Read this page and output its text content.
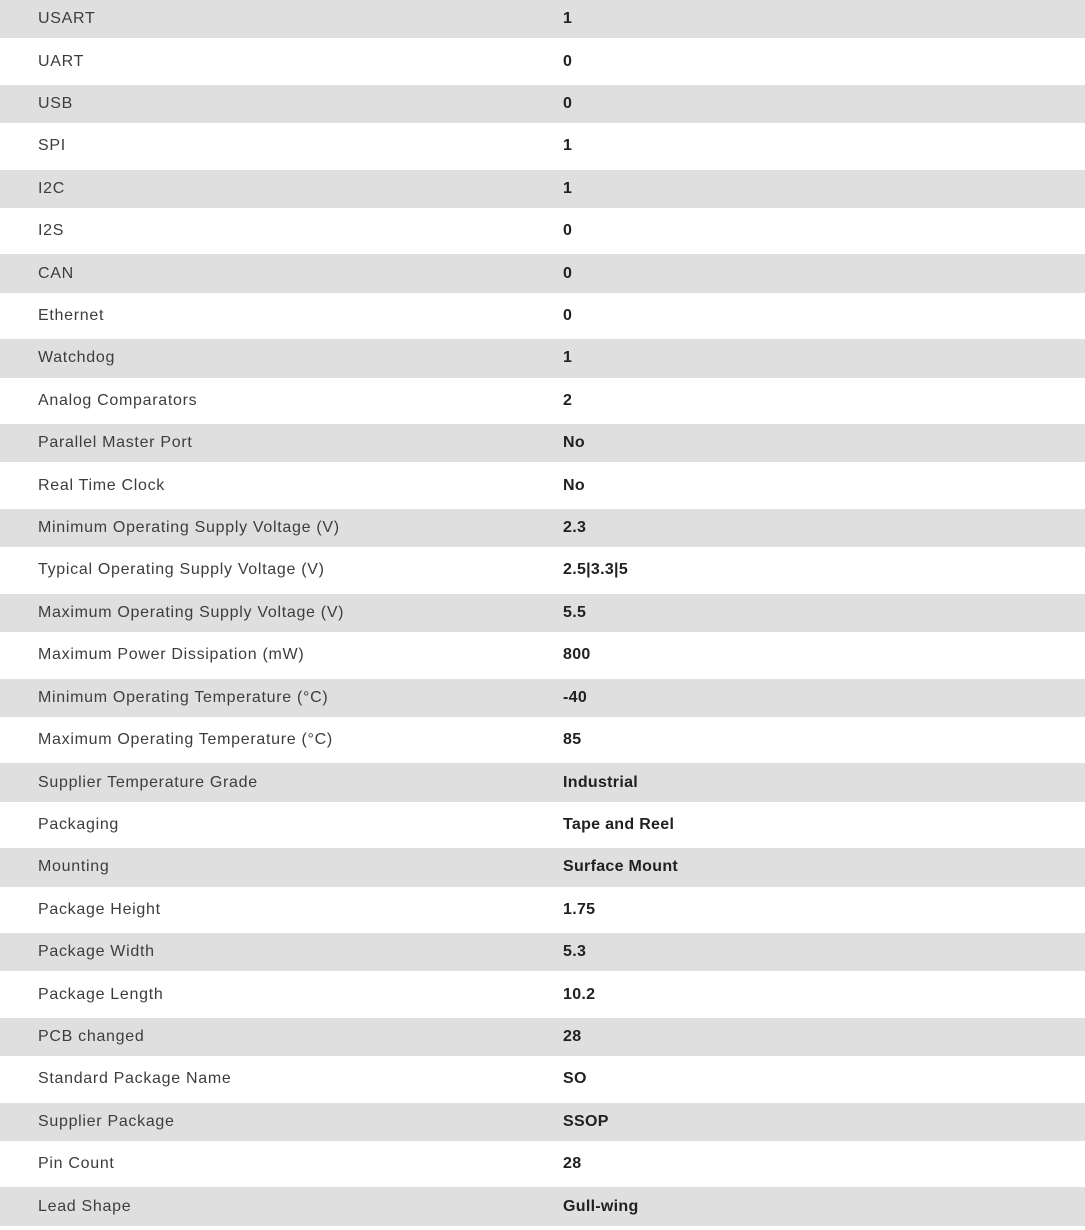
USART	1
UART	0
USB	0
SPI	1
I2C	1
I2S	0
CAN	0
Ethernet	0
Watchdog	1
Analog Comparators	2
Parallel Master Port	No
Real Time Clock	No
Minimum Operating Supply Voltage (V)	2.3
Typical Operating Supply Voltage (V)	2.5|3.3|5
Maximum Operating Supply Voltage (V)	5.5
Maximum Power Dissipation (mW)	800
Minimum Operating Temperature (°C)	-40
Maximum Operating Temperature (°C)	85
Supplier Temperature Grade	Industrial
Packaging	Tape and Reel
Mounting	Surface Mount
Package Height	1.75
Package Width	5.3
Package Length	10.2
PCB changed	28
Standard Package Name	SO
Supplier Package	SSOP
Pin Count	28
Lead Shape	Gull-wing
